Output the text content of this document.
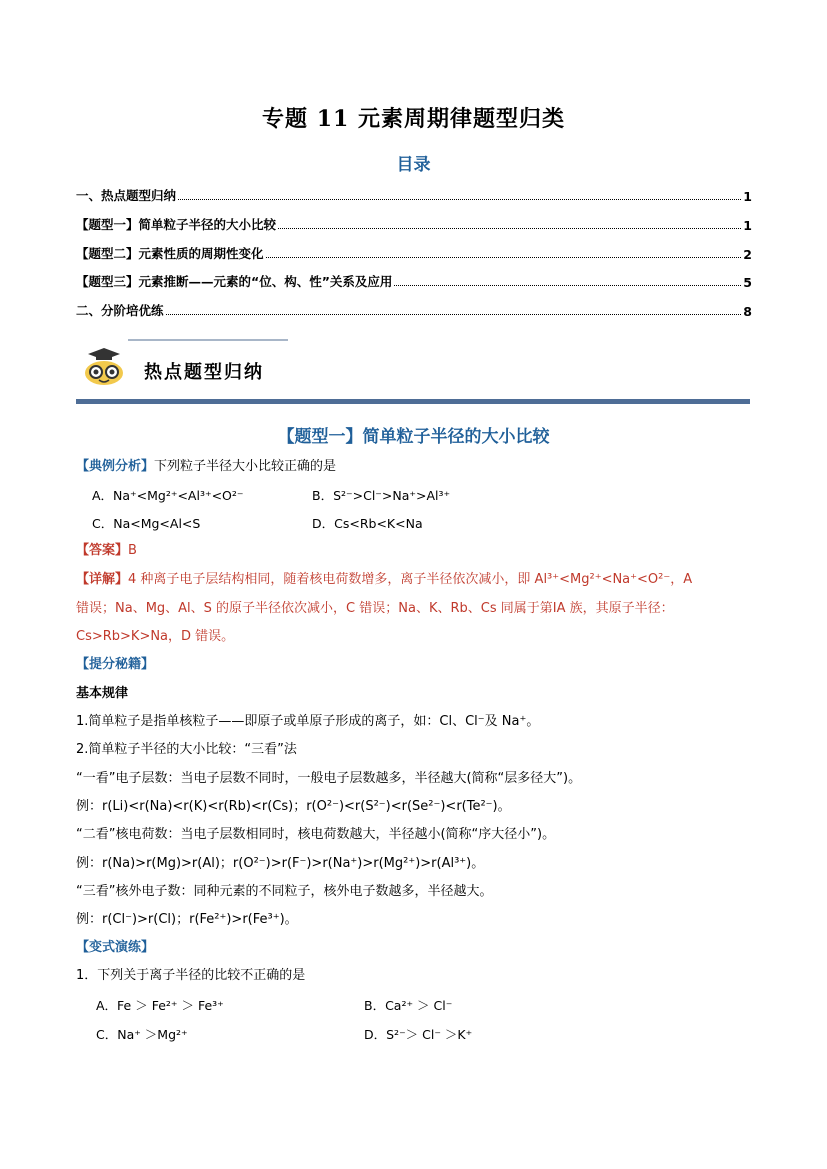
专题 11 元素周期律题型归类
目录
一、热点题型归纳	1
【题型一】简单粒子半径的大小比较	1
【题型二】元素性质的周期性变化	2
【题型三】元素推断——元素的“位、构、性”关系及应用	5
二、分阶培优练	8
热点题型归纳
【题型一】简单粒子半径的大小比较
【典例分析】下列粒子半径大小比较正确的是
A．Na⁺<Mg²⁺<Al³⁺<O²⁻	B．S²⁻>Cl⁻>Na⁺>Al³⁺
C．Na<Mg<Al<S	D．Cs<Rb<K<Na
【答案】B
【详解】4 种离子电子层结构相同，随着核电荷数增多，离子半径依次减小，即 Al³⁺<Mg²⁺<Na⁺<O²⁻，A
错误；Na、Mg、Al、S 的原子半径依次减小，C 错误；Na、K、Rb、Cs 同属于第ⅠA 族，其原子半径：
Cs>Rb>K>Na，D 错误。
【提分秘籍】
基本规律
1.简单粒子是指单核粒子——即原子或单原子形成的离子，如：Cl、Cl⁻及 Na⁺。
2.简单粒子半径的大小比较：“三看”法
“一看”电子层数：当电子层数不同时，一般电子层数越多，半径越大(简称“层多径大”)。
例：r(Li)<r(Na)<r(K)<r(Rb)<r(Cs)；r(O²⁻)<r(S²⁻)<r(Se²⁻)<r(Te²⁻)。
“二看”核电荷数：当电子层数相同时，核电荷数越大，半径越小(简称“序大径小”)。
例：r(Na)>r(Mg)>r(Al)；r(O²⁻)>r(F⁻)>r(Na⁺)>r(Mg²⁺)>r(Al³⁺)。
“三看”核外电子数：同种元素的不同粒子，核外电子数越多，半径越大。
例：r(Cl⁻)>r(Cl)；r(Fe²⁺)>r(Fe³⁺)。
【变式演练】
1．下列关于离子半径的比较不正确的是
A．Fe ＞ Fe²⁺ ＞ Fe³⁺	B．Ca²⁺ ＞ Cl⁻
C．Na⁺ ＞Mg²⁺	D．S²⁻＞ Cl⁻ ＞K⁺
